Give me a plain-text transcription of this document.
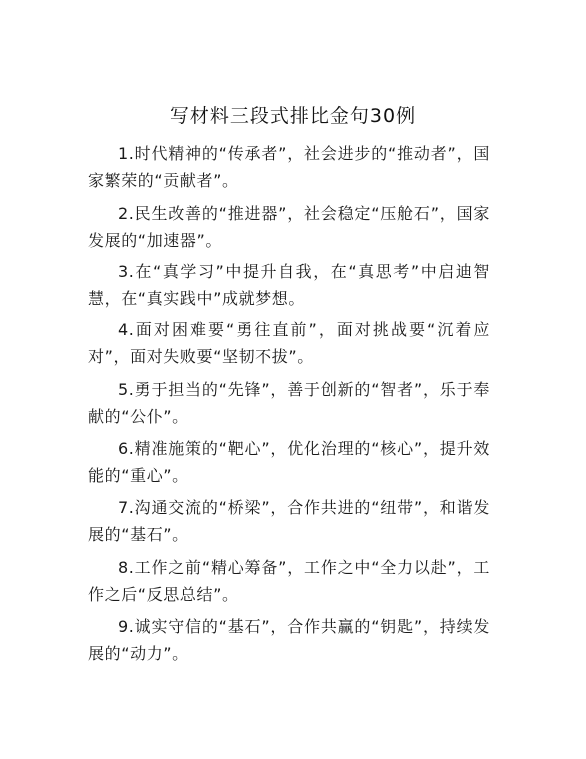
写材料三段式排比金句30例

1.时代精神的“传承者”，社会进步的“推动者”，国家繁荣的“贡献者”。

2.民生改善的“推进器”，社会稳定“压舱石”，国家发展的“加速器”。

3.在“真学习”中提升自我，在“真思考”中启迪智慧，在“真实践中”成就梦想。

4.面对困难要“勇往直前”，面对挑战要“沉着应对”，面对失败要“坚韧不拔”。

5.勇于担当的“先锋”，善于创新的“智者”，乐于奉献的“公仆”。

6.精准施策的“靶心”，优化治理的“核心”，提升效能的“重心”。

7.沟通交流的“桥梁”，合作共进的“纽带”，和谐发展的“基石”。

8.工作之前“精心筹备”，工作之中“全力以赴”，工作之后“反思总结”。

9.诚实守信的“基石”，合作共赢的“钥匙”，持续发展的“动力”。
